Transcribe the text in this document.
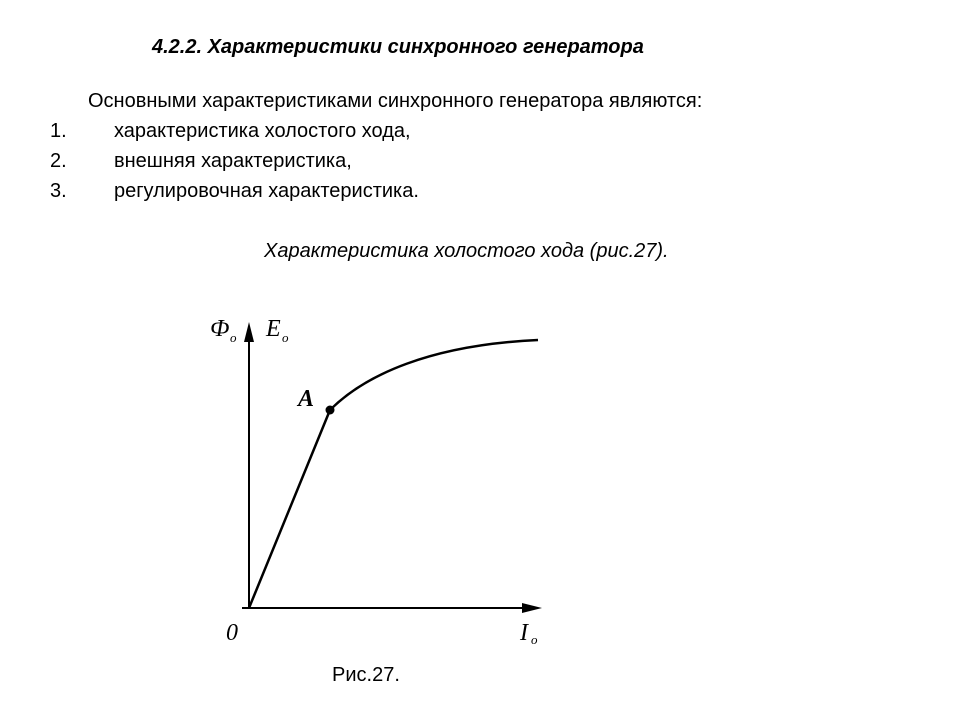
4.2.2. Характеристики синхронного генератора
Основными характеристиками синхронного генератора являются:
1. характеристика холостого хода,
2. внешняя характеристика,
3. регулировочная характеристика.
Характеристика холостого хода (рис.27).
A
Ф о E о
0	I о
Рис.27.
